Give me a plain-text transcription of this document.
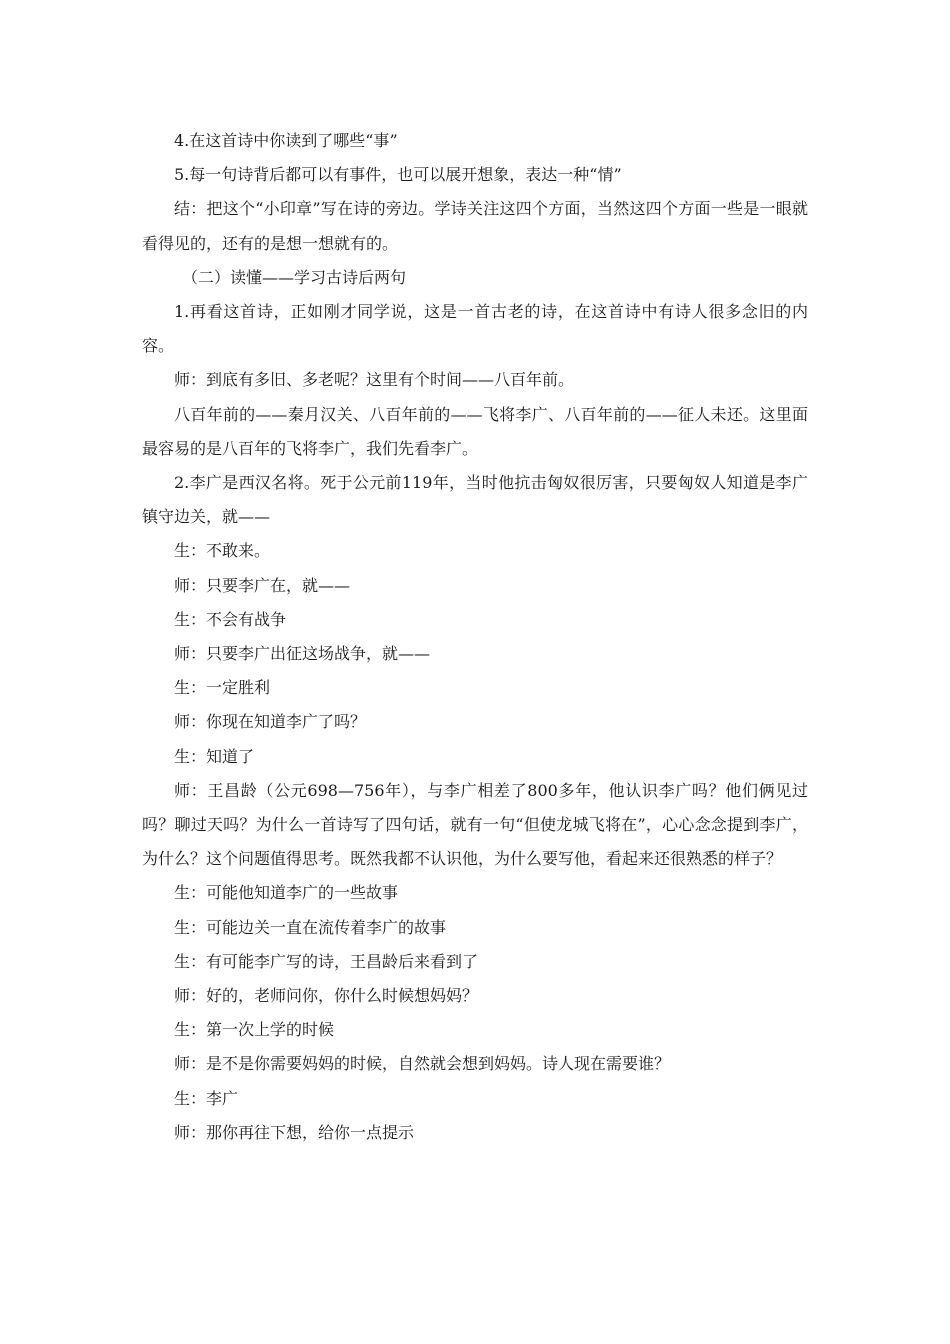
4.在这首诗中你读到了哪些“事”

5.每一句诗背后都可以有事件，也可以展开想象，表达一种“情”

结：把这个“小印章”写在诗的旁边。学诗关注这四个方面，当然这四个方面一些是一眼就看得见的，还有的是想一想就有的。

（二）读懂——学习古诗后两句

1.再看这首诗，正如刚才同学说，这是一首古老的诗，在这首诗中有诗人很多念旧的内容。

师：到底有多旧、多老呢？这里有个时间——八百年前。

八百年前的——秦月汉关、八百年前的——飞将李广、八百年前的——征人未还。这里面最容易的是八百年的飞将李广，我们先看李广。

2.李广是西汉名将。死于公元前119年，当时他抗击匈奴很厉害，只要匈奴人知道是李广镇守边关，就——

生：不敢来。

师：只要李广在，就——

生：不会有战争

师：只要李广出征这场战争，就——

生：一定胜利

师：你现在知道李广了吗？

生：知道了

师：王昌龄（公元698—756年），与李广相差了800多年，他认识李广吗？他们俩见过吗？聊过天吗？为什么一首诗写了四句话，就有一句“但使龙城飞将在”，心心念念提到李广，为什么？这个问题值得思考。既然我都不认识他，为什么要写他，看起来还很熟悉的样子？

生：可能他知道李广的一些故事

生：可能边关一直在流传着李广的故事

生：有可能李广写的诗，王昌龄后来看到了

师：好的，老师问你，你什么时候想妈妈？

生：第一次上学的时候

师：是不是你需要妈妈的时候，自然就会想到妈妈。诗人现在需要谁？

生：李广

师：那你再往下想，给你一点提示
